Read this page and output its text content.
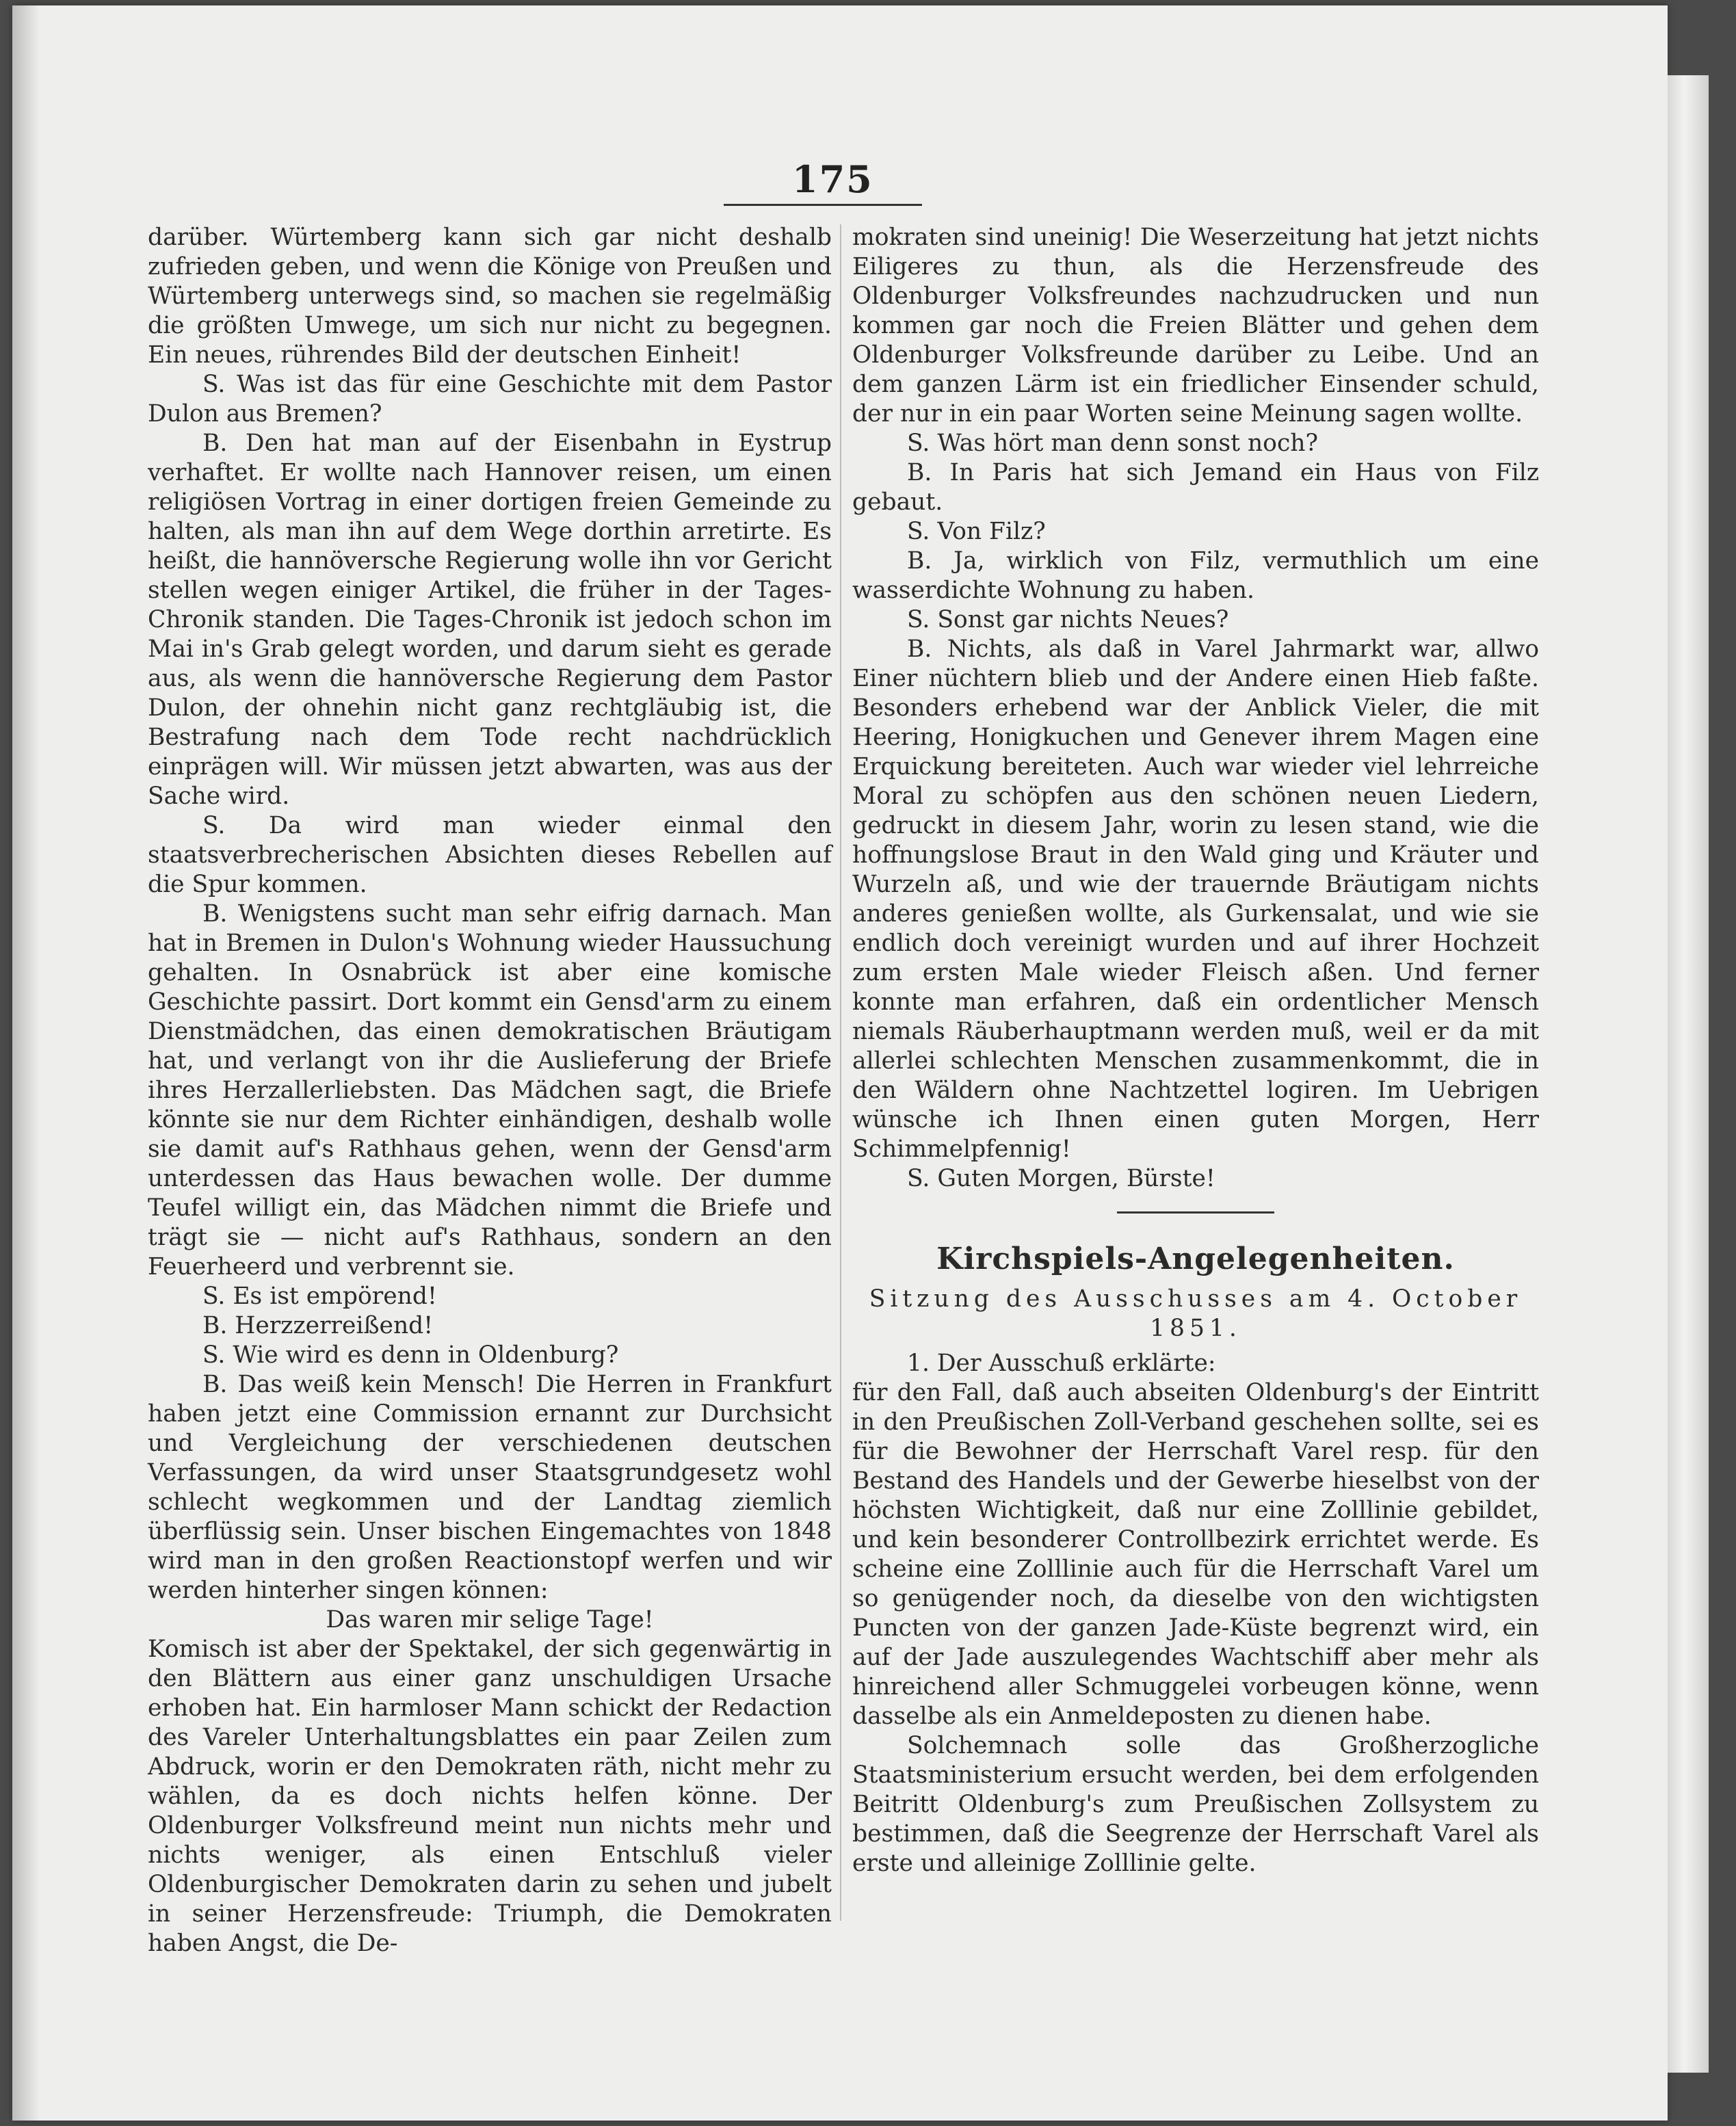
175

darüber. Würtemberg kann sich gar nicht deshalb zufrieden geben, und wenn die Könige von Preußen und Würtemberg unterwegs sind, so machen sie regelmäßig die größten Umwege, um sich nur nicht zu begegnen. Ein neues, rührendes Bild der deutschen Einheit!

S. Was ist das für eine Geschichte mit dem Pastor Dulon aus Bremen?

B. Den hat man auf der Eisenbahn in Eystrup verhaftet. Er wollte nach Hannover reisen, um einen religiösen Vortrag in einer dortigen freien Gemeinde zu halten, als man ihn auf dem Wege dorthin arretirte. Es heißt, die hannöversche Regierung wolle ihn vor Gericht stellen wegen einiger Artikel, die früher in der Tages-Chronik standen. Die Tages-Chronik ist jedoch schon im Mai in's Grab gelegt worden, und darum sieht es gerade aus, als wenn die hannöversche Regierung dem Pastor Dulon, der ohnehin nicht ganz rechtgläubig ist, die Bestrafung nach dem Tode recht nachdrücklich einprägen will. Wir müssen jetzt abwarten, was aus der Sache wird.

S. Da wird man wieder einmal den staatsverbrecherischen Absichten dieses Rebellen auf die Spur kommen.

B. Wenigstens sucht man sehr eifrig darnach. Man hat in Bremen in Dulon's Wohnung wieder Haussuchung gehalten. In Osnabrück ist aber eine komische Geschichte passirt. Dort kommt ein Gensd'arm zu einem Dienstmädchen, das einen demokratischen Bräutigam hat, und verlangt von ihr die Auslieferung der Briefe ihres Herzallerliebsten. Das Mädchen sagt, die Briefe könnte sie nur dem Richter einhändigen, deshalb wolle sie damit auf's Rathhaus gehen, wenn der Gensd'arm unterdessen das Haus bewachen wolle. Der dumme Teufel willigt ein, das Mädchen nimmt die Briefe und trägt sie — nicht auf's Rathhaus, sondern an den Feuerheerd und verbrennt sie.

S. Es ist empörend!

B. Herzzerreißend!

S. Wie wird es denn in Oldenburg?

B. Das weiß kein Mensch! Die Herren in Frankfurt haben jetzt eine Commission ernannt zur Durchsicht und Vergleichung der verschiedenen deutschen Verfassungen, da wird unser Staatsgrundgesetz wohl schlecht wegkommen und der Landtag ziemlich überflüssig sein. Unser bischen Eingemachtes von 1848 wird man in den großen Reactionstopf werfen und wir werden hinterher singen können:

Das waren mir selige Tage!

Komisch ist aber der Spektakel, der sich gegenwärtig in den Blättern aus einer ganz unschuldigen Ursache erhoben hat. Ein harmloser Mann schickt der Redaction des Vareler Unterhaltungsblattes ein paar Zeilen zum Abdruck, worin er den Demokraten räth, nicht mehr zu wählen, da es doch nichts helfen könne. Der Oldenburger Volksfreund meint nun nichts mehr und nichts weniger, als einen Entschluß vieler Oldenburgischer Demokraten darin zu sehen und jubelt in seiner Herzensfreude: Triumph, die Demokraten haben Angst, die De-

mokraten sind uneinig! Die Weserzeitung hat jetzt nichts Eiligeres zu thun, als die Herzensfreude des Oldenburger Volksfreundes nachzudrucken und nun kommen gar noch die Freien Blätter und gehen dem Oldenburger Volksfreunde darüber zu Leibe. Und an dem ganzen Lärm ist ein friedlicher Einsender schuld, der nur in ein paar Worten seine Meinung sagen wollte.

S. Was hört man denn sonst noch?

B. In Paris hat sich Jemand ein Haus von Filz gebaut.

S. Von Filz?

B. Ja, wirklich von Filz, vermuthlich um eine wasserdichte Wohnung zu haben.

S. Sonst gar nichts Neues?

B. Nichts, als daß in Varel Jahrmarkt war, allwo Einer nüchtern blieb und der Andere einen Hieb faßte. Besonders erhebend war der Anblick Vieler, die mit Heering, Honigkuchen und Genever ihrem Magen eine Erquickung bereiteten. Auch war wieder viel lehrreiche Moral zu schöpfen aus den schönen neuen Liedern, gedruckt in diesem Jahr, worin zu lesen stand, wie die hoffnungslose Braut in den Wald ging und Kräuter und Wurzeln aß, und wie der trauernde Bräutigam nichts anderes genießen wollte, als Gurkensalat, und wie sie endlich doch vereinigt wurden und auf ihrer Hochzeit zum ersten Male wieder Fleisch aßen. Und ferner konnte man erfahren, daß ein ordentlicher Mensch niemals Räuberhauptmann werden muß, weil er da mit allerlei schlechten Menschen zusammenkommt, die in den Wäldern ohne Nachtzettel logiren. Im Uebrigen wünsche ich Ihnen einen guten Morgen, Herr Schimmelpfennig!

S. Guten Morgen, Bürste!

Kirchspiels-Angelegenheiten.

Sitzung des Ausschusses am 4. October 1851.

1. Der Ausschuß erklärte:

für den Fall, daß auch abseiten Oldenburg's der Eintritt in den Preußischen Zoll-Verband geschehen sollte, sei es für die Bewohner der Herrschaft Varel resp. für den Bestand des Handels und der Gewerbe hieselbst von der höchsten Wichtigkeit, daß nur eine Zolllinie gebildet, und kein besonderer Controllbezirk errichtet werde. Es scheine eine Zolllinie auch für die Herrschaft Varel um so genügender noch, da dieselbe von den wichtigsten Puncten von der ganzen Jade-Küste begrenzt wird, ein auf der Jade auszulegendes Wachtschiff aber mehr als hinreichend aller Schmuggelei vorbeugen könne, wenn dasselbe als ein Anmeldeposten zu dienen habe.

Solchemnach solle das Großherzogliche Staatsministerium ersucht werden, bei dem erfolgenden Beitritt Oldenburg's zum Preußischen Zollsystem zu bestimmen, daß die Seegrenze der Herrschaft Varel als erste und alleinige Zolllinie gelte.
